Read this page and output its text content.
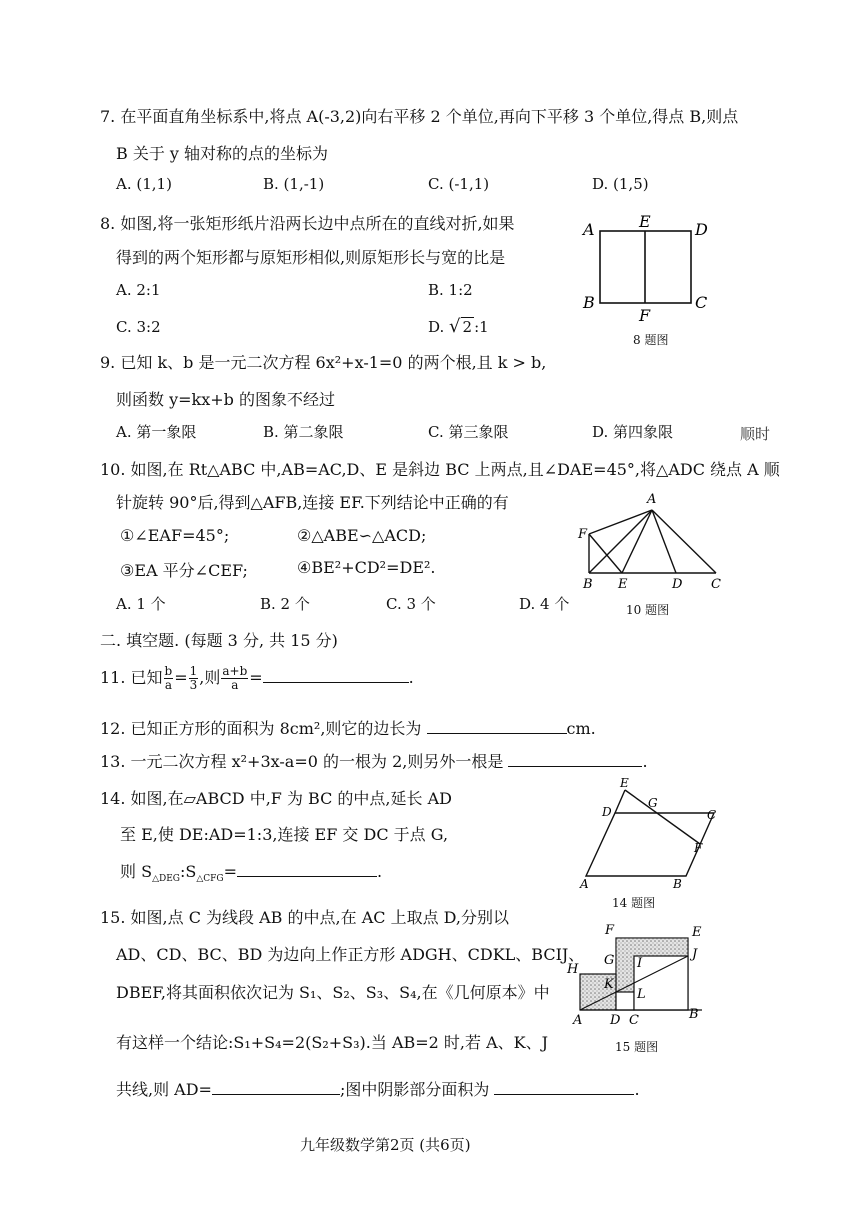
7. 在平面直角坐标系中,将点 A(-3,2)向右平移 2 个单位,再向下平移 3 个单位,得点 B,则点
B 关于 y 轴对称的点的坐标为
A. (1,1)	B. (1,-1)	C. (-1,1)	D. (1,5)
8. 如图,将一张矩形纸片沿两长边中点所在的直线对折,如果
得到的两个矩形都与原矩形相似,则原矩形长与宽的比是
A. 2:1	B. 1:2
C. 3:2	D. √ 2 :1
A	E	D
B
F
C
8 题图
9. 已知 k、b 是一元二次方程 6x²+x-1=0 的两个根,且 k > b,
则函数 y=kx+b 的图象不经过
A. 第一象限	B. 第二象限	C. 第三象限	D. 第四象限	顺时
10. 如图,在 Rt△ABC 中,AB=AC,D、E 是斜边 BC 上两点,且∠DAE=45°,将△ADC 绕点 A 顺
针旋转 90°后,得到△AFB,连接 EF.下列结论中正确的有
①∠EAF=45°;	②△ABE∽△ACD;
③EA 平分∠CEF;	④BE²+CD²=DE².
A. 1 个	B. 2 个	C. 3 个	D. 4 个
A
F
B E	D C
10 题图
二. 填空题. (每题 3 分, 共 15 分)
11. 已知 $\frac{b}{a} = \frac{1}{3}$ ,则 $\frac{a+b}{a}$ =	.
12. 已知正方形的面积为 8cm²,则它的边长为	cm.
13. 一元二次方程 x²+3x-a=0 的一根为 2,则另外一根是	.
14. 如图,在▱ABCD 中,F 为 BC 的中点,延长 AD
至 E,使 DE:AD=1:3,连接 EF 交 DC 于点 G,
则 $S_{\triangle DEG}:S_{\triangle CFG}=$	.
E
D
G
C
F
A	B
14 题图
15. 如图,点 C 为线段 AB 的中点,在 AC 上取点 D,分别以
AD、CD、BC、BD 为边向上作正方形 ADGH、CDKL、BCIJ、
DBEF,将其面积依次记为 S₁、S₂、S₃、S₄,在《几何原本》中
有这样一个结论:S₁+S₄=2(S₂+S₃).当 AB=2 时,若 A、K、J
共线,则 AD=	;图中阴影部分面积为	.
F	E
J
G I
H
K
L
A D C	B
15 题图
九年级数学第2页 (共6页)
